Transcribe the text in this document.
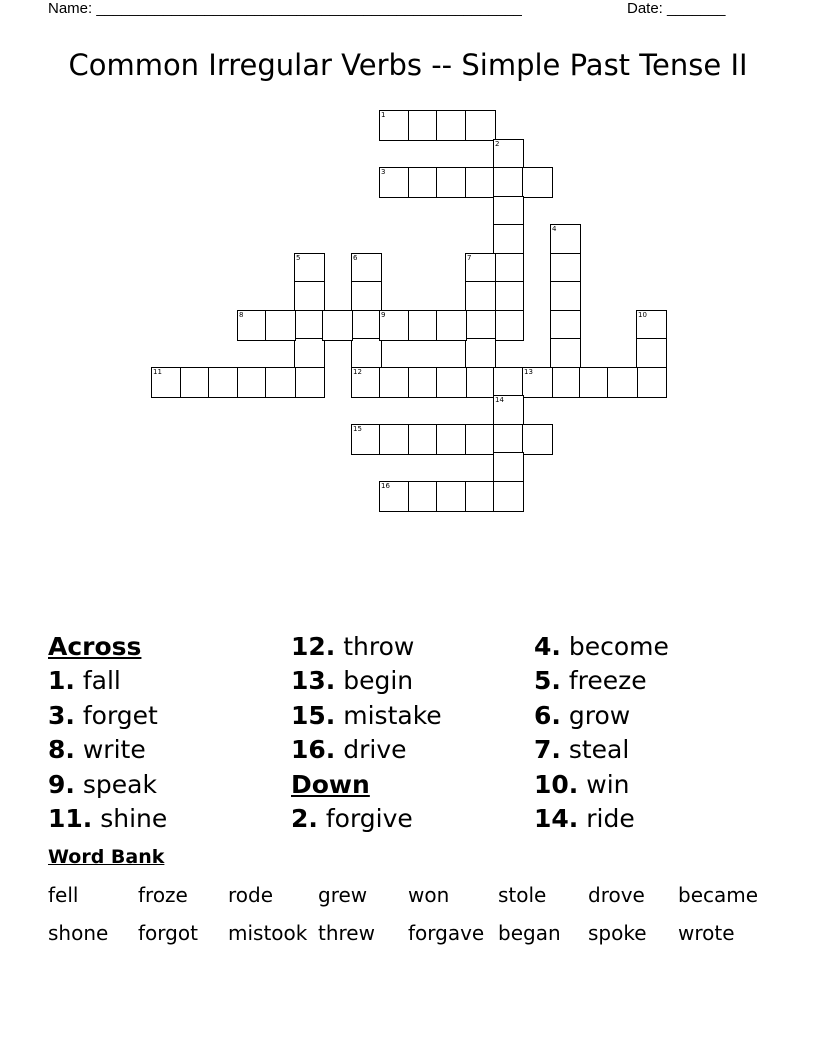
Name: ___________________________________________________	Date: _______
Common Irregular Verbs -- Simple Past Tense II
1
2
3
4
5	6	7
8	9	10
11	12	13
14
15
16
Across
1. fall
3. forget
8. write
9. speak
11. shine
12. throw
13. begin
15. mistake
16. drive
Down
2. forgive
4. become
5. freeze
6. grow
7. steal
10. win
14. ride
Word Bank
fell	froze rode grew won stole drove became
shone forgot mistook threw forgave began spoke wrote
